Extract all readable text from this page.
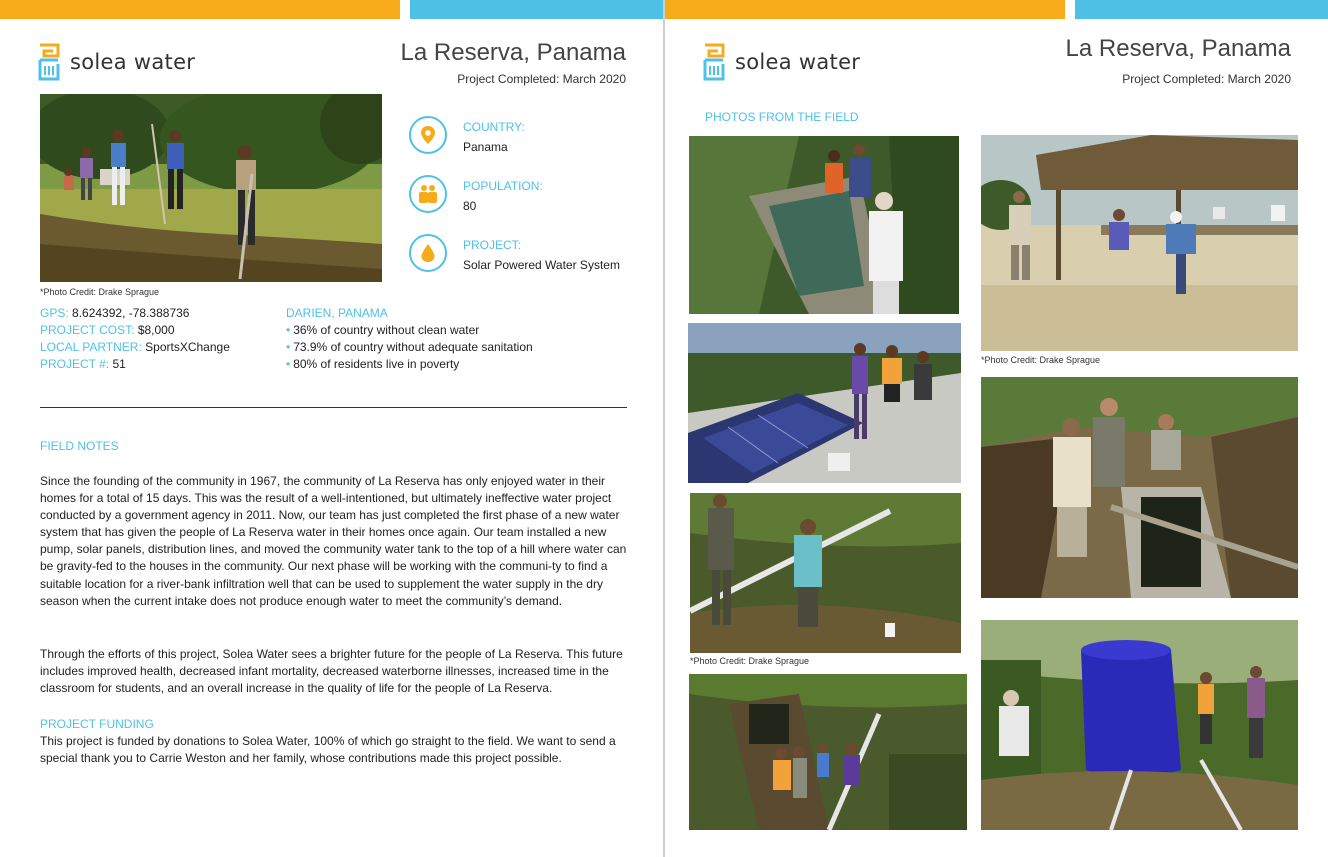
solea water	La Reserva, Panama
Project Completed: March 2020
*Photo Credit: Drake Sprague
COUNTRY:
Panama
POPULATION:
80
PROJECT:
Solar Powered Water System
GPS: 8.624392, -78.388736
PROJECT COST: $8,000
LOCAL PARTNER: SportsXChange
PROJECT #: 51
DARIEN, PANAMA
• 36% of country without clean water
• 73.9% of country without adequate sanitation
• 80% of residents live in poverty
FIELD NOTES
Since the founding of the community in 1967, the community of La Reserva has only enjoyed water in their homes for a total of 15 days. This was the result of a well-intentioned, but ultimately ineffective water project conducted by a government agency in 2011. Now, our team has just completed the first phase of a new water system that has given the people of La Reserva water in their homes once again. Our team installed a new pump, solar panels, distribution lines, and moved the community water tank to the top of a hill where water can be gravity-fed to the houses in the community. Our next phase will be working with the communi-ty to find a suitable location for a river-bank infiltration well that can be used to supplement the water supply in the dry season when the current intake does not produce enough water to meet the community’s demand.
Through the efforts of this project, Solea Water sees a brighter future for the people of La Reserva. This future includes improved health, decreased infant mortality, decreased waterborne illnesses, increased time in the classroom for students, and an overall increase in the quality of life for the people of La Reserva.
PROJECT FUNDING
This project is funded by donations to Solea Water, 100% of which go straight to the field. We want to send a special thank you to Carrie Weston and her family, whose contributions made this project possible.
solea water	La Reserva, Panama
Project Completed: March 2020
PHOTOS FROM THE FIELD
*Photo Credit: Drake Sprague
*Photo Credit: Drake Sprague
